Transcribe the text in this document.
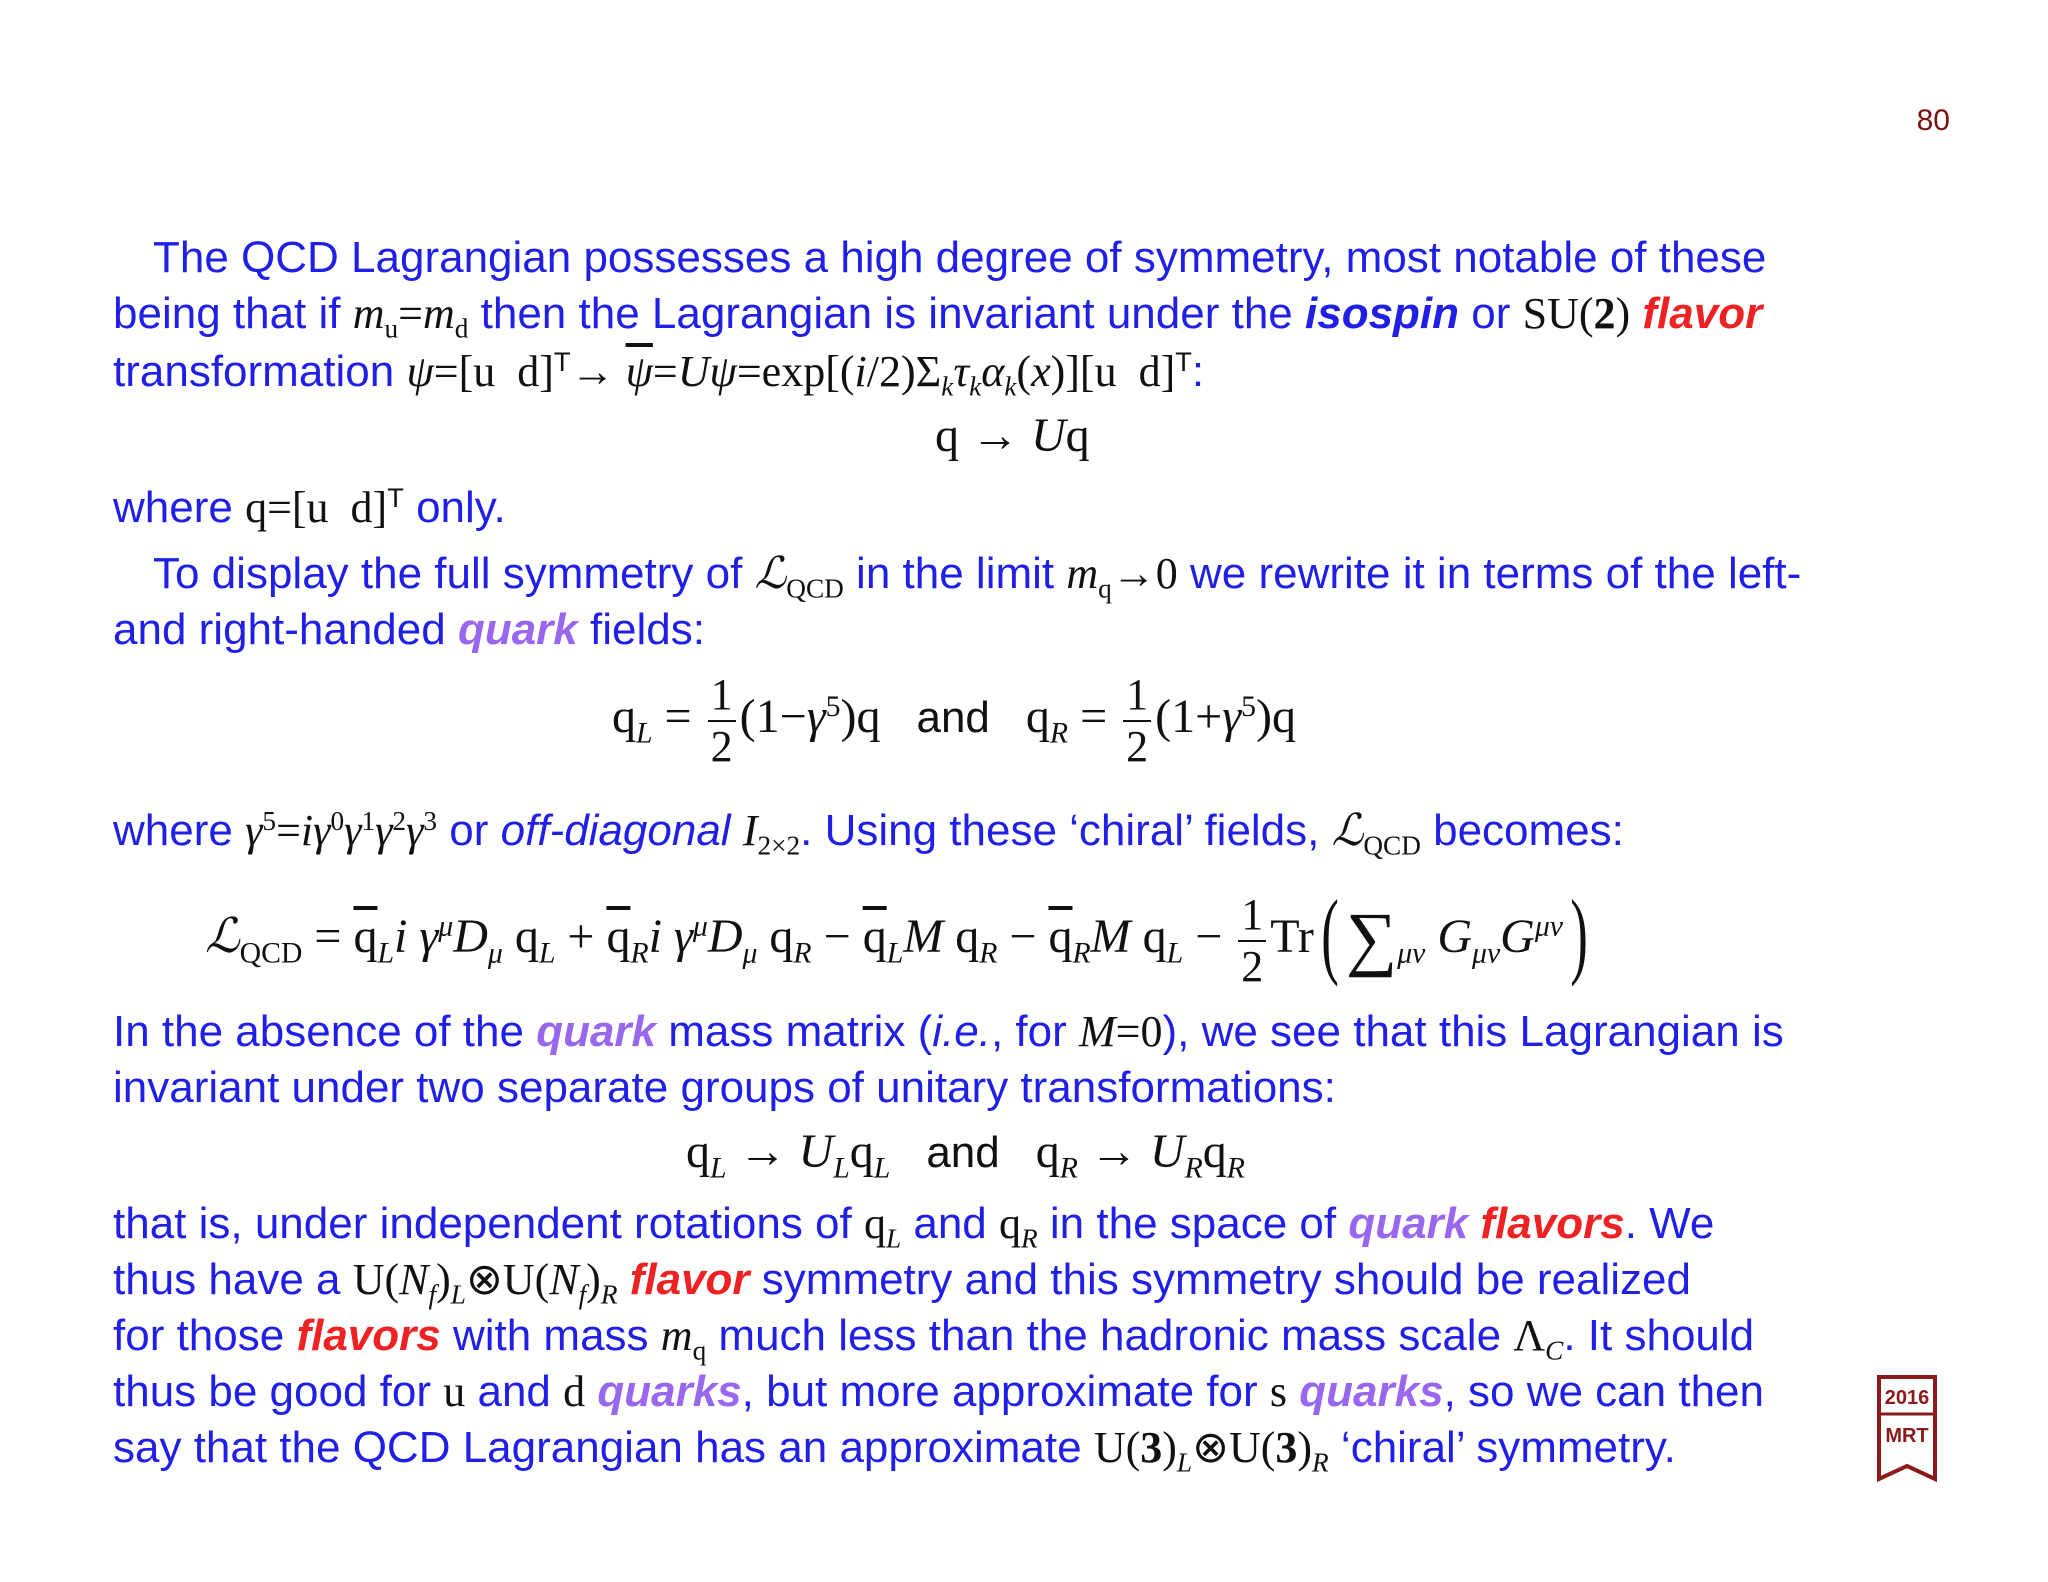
80
The QCD Lagrangian possesses a high degree of symmetry, most notable of these
being that if $m_u=m_d$ then the Lagrangian is invariant under the isospin or SU(2) flavor
transformation ψ=[u  $d]^T\to \overline{\psi}=U\psi=\exp[(i/2)\Sigma_k\tau_k\alpha_k(x)][u$  d]$^T$:
q → Uq
where q=[u  d]$^T$ only.
To display the full symmetry of ℒ$_{QCD}$ in the limit $m_q\to 0$ we rewrite it in terms of the left-
and right-handed quark fields:
$q_L = \frac{1}{2} (1-\gamma^5)q$   and   $q_R = \frac{1}{2} (1+\gamma^5)q$
where $\gamma^5=i\gamma^0\gamma^1\gamma^2\gamma^3$ or off-diagonal $I_{2\times 2}$. Using these ‘chiral’ fields, ℒ$_{QCD}$ becomes:
ℒ$_{QCD}$ = $\overline{q}_Li$ $\gamma^\mu D_\mu$ $q_L + \overline{q}_Ri$ $\gamma^\mu D_\mu$ $q_R - \overline{q}_LM$ $q_R - \overline{q}_RM$ $q_L - \frac{1}{2} Tr(\sum_{\mu\nu}$ $G_{\mu\nu}G^{\mu\nu}$)
In the absence of the quark mass matrix (i.e., for M=0), we see that this Lagrangian is
invariant under two separate groups of unitary transformations:
$q_L \to U_Lq_L$ and   $q_R \to U_Rq_R$
that is, under independent rotations of $q_L$ and $q_R$ in the space of quark flavors. We
thus have a $U(N_f)_L\otimes U(N_f)_R$ flavor symmetry and this symmetry should be realized
for those flavors with mass $m_q$ much less than the hadronic mass scale $\Lambda_C$. It should
thus be good for u and d quarks, but more approximate for s quarks, so we can then
say that the QCD Lagrangian has an approximate $U(3)_L\otimes U(3)_R$ ‘chiral’ symmetry.
2016
MRT
